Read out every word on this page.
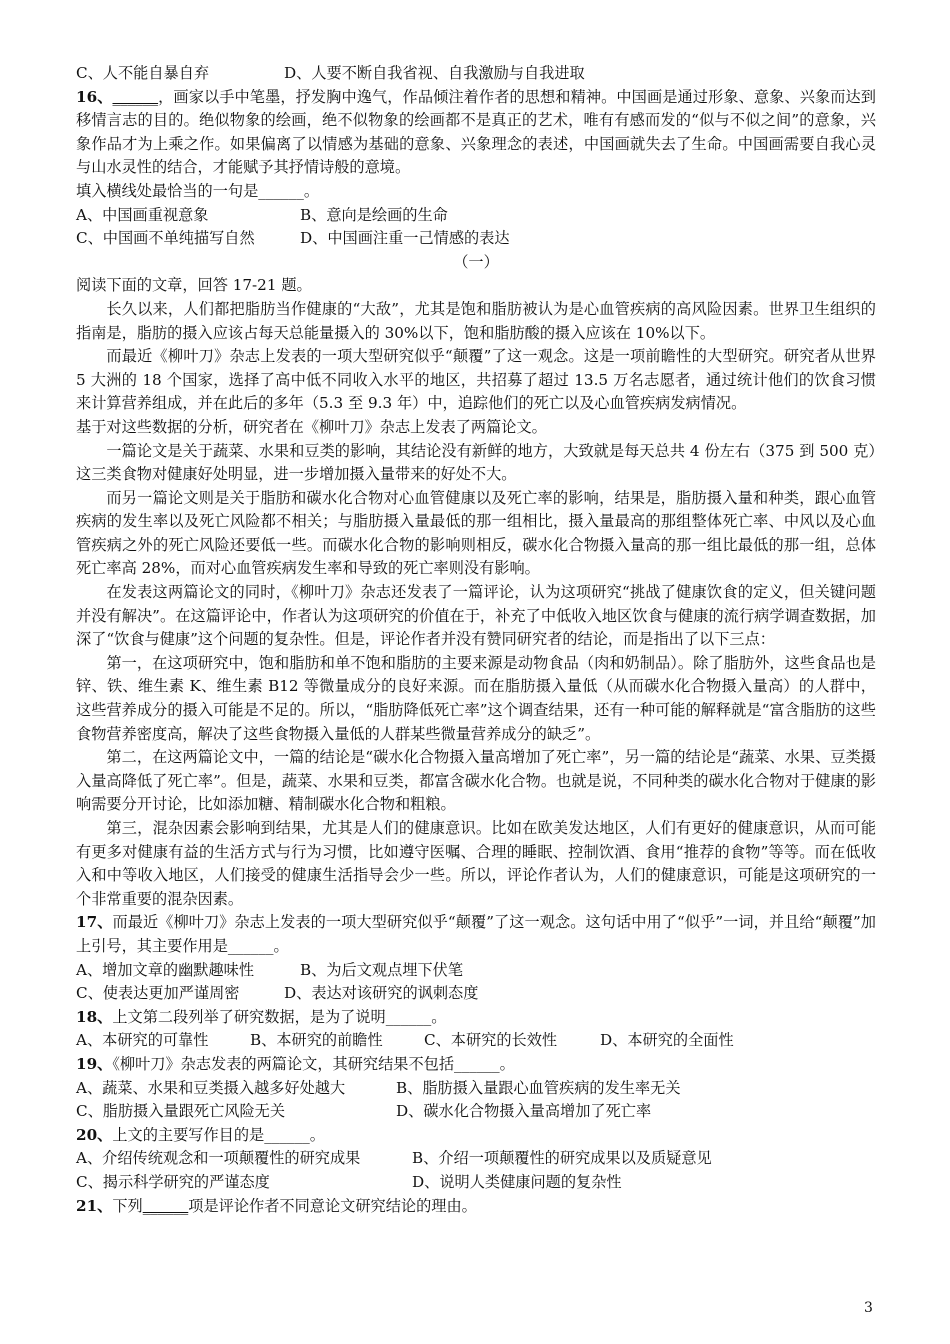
C、人不能自暴自弃	D、人要不断自我省视、自我激励与自我进取
16、______，画家以手中笔墨，抒发胸中逸气，作品倾注着作者的思想和精神。中国画是通过形象、意象、兴象而达到移情言志的目的。绝似物象的绘画，绝不似物象的绘画都不是真正的艺术，唯有有感而发的“似与不似之间”的意象，兴象作品才为上乘之作。如果偏离了以情感为基础的意象、兴象理念的表述，中国画就失去了生命。中国画需要自我心灵与山水灵性的结合，才能赋予其抒情诗般的意境。
填入横线处最恰当的一句是______。
A、中国画重视意象	B、意向是绘画的生命
C、中国画不单纯描写自然	D、中国画注重一己情感的表达
（一）
阅读下面的文章，回答 17-21 题。
长久以来，人们都把脂肪当作健康的“大敌”，尤其是饱和脂肪被认为是心血管疾病的高风险因素。世界卫生组织的指南是，脂肪的摄入应该占每天总能量摄入的 30%以下，饱和脂肪酸的摄入应该在 10%以下。
而最近《柳叶刀》杂志上发表的一项大型研究似乎“颠覆”了这一观念。这是一项前瞻性的大型研究。研究者从世界 5 大洲的 18 个国家，选择了高中低不同收入水平的地区，共招募了超过 13.5 万名志愿者，通过统计他们的饮食习惯来计算营养组成，并在此后的多年（5.3 至 9.3 年）中，追踪他们的死亡以及心血管疾病发病情况。
基于对这些数据的分析，研究者在《柳叶刀》杂志上发表了两篇论文。
一篇论文是关于蔬菜、水果和豆类的影响，其结论没有新鲜的地方，大致就是每天总共 4 份左右（375 到 500 克）这三类食物对健康好处明显，进一步增加摄入量带来的好处不大。
而另一篇论文则是关于脂肪和碳水化合物对心血管健康以及死亡率的影响，结果是，脂肪摄入量和种类，跟心血管疾病的发生率以及死亡风险都不相关；与脂肪摄入量最低的那一组相比，摄入量最高的那组整体死亡率、中风以及心血管疾病之外的死亡风险还要低一些。而碳水化合物的影响则相反，碳水化合物摄入量高的那一组比最低的那一组，总体死亡率高 28%，而对心血管疾病发生率和导致的死亡率则没有影响。
在发表这两篇论文的同时，《柳叶刀》杂志还发表了一篇评论，认为这项研究“挑战了健康饮食的定义，但关键问题并没有解决”。在这篇评论中，作者认为这项研究的价值在于，补充了中低收入地区饮食与健康的流行病学调查数据，加深了“饮食与健康”这个问题的复杂性。但是，评论作者并没有赞同研究者的结论，而是指出了以下三点：
第一，在这项研究中，饱和脂肪和单不饱和脂肪的主要来源是动物食品（肉和奶制品）。除了脂肪外，这些食品也是锌、铁、维生素 K、维生素 B12 等微量成分的良好来源。而在脂肪摄入量低（从而碳水化合物摄入量高）的人群中，这些营养成分的摄入可能是不足的。所以，“脂肪降低死亡率”这个调查结果，还有一种可能的解释就是“富含脂肪的这些食物营养密度高，解决了这些食物摄入量低的人群某些微量营养成分的缺乏”。
第二，在这两篇论文中，一篇的结论是“碳水化合物摄入量高增加了死亡率”，另一篇的结论是“蔬菜、水果、豆类摄入量高降低了死亡率”。但是，蔬菜、水果和豆类，都富含碳水化合物。也就是说，不同种类的碳水化合物对于健康的影响需要分开讨论，比如添加糖、精制碳水化合物和粗粮。
第三，混杂因素会影响到结果，尤其是人们的健康意识。比如在欧美发达地区，人们有更好的健康意识，从而可能有更多对健康有益的生活方式与行为习惯，比如遵守医嘱、合理的睡眠、控制饮酒、食用“推荐的食物”等等。而在低收入和中等收入地区，人们接受的健康生活指导会少一些。所以，评论作者认为，人们的健康意识，可能是这项研究的一个非常重要的混杂因素。
17、而最近《柳叶刀》杂志上发表的一项大型研究似乎“颠覆”了这一观念。这句话中用了“似乎”一词，并且给“颠覆”加上引号，其主要作用是______。
A、增加文章的幽默趣味性	B、为后文观点埋下伏笔
C、使表达更加严谨周密	D、表达对该研究的讽刺态度
18、上文第二段列举了研究数据，是为了说明______。
A、本研究的可靠性	B、本研究的前瞻性	C、本研究的长效性	D、本研究的全面性
19、《柳叶刀》杂志发表的两篇论文，其研究结果不包括______。
A、蔬菜、水果和豆类摄入越多好处越大	B、脂肪摄入量跟心血管疾病的发生率无关
C、脂肪摄入量跟死亡风险无关	D、碳水化合物摄入量高增加了死亡率
20、上文的主要写作目的是______。
A、介绍传统观念和一项颠覆性的研究成果	B、介绍一项颠覆性的研究成果以及质疑意见
C、揭示科学研究的严谨态度	D、说明人类健康问题的复杂性
21、下列______项是评论作者不同意论文研究结论的理由。
3
